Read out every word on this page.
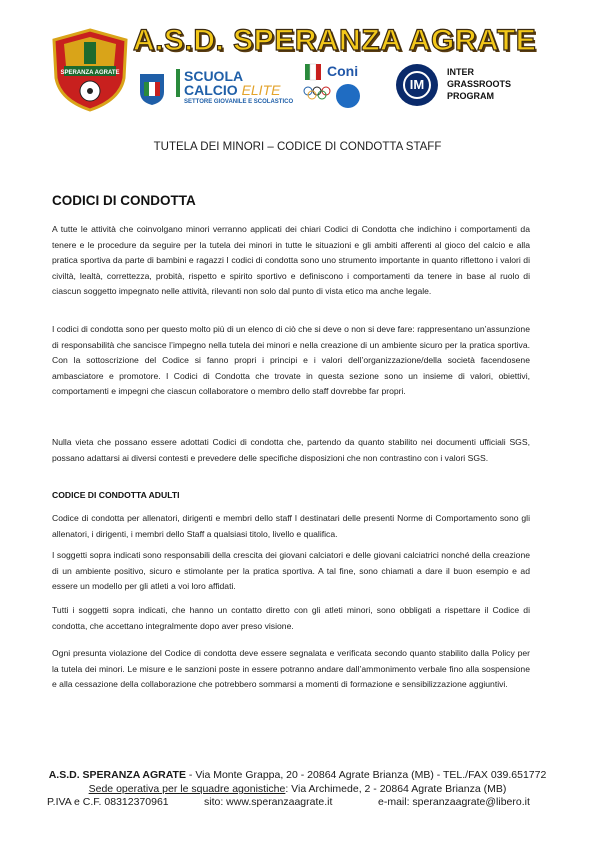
SPERANZA AGRATE
A.S.D. SPERANZA AGRATE
SCUOLA
CALCIO ELITE
SETTORE GIOVANILE E SCOLASTICO
Coni
IM
INTER
GRASSROOTS
PROGRAM
TUTELA DEI MINORI – CODICE DI CONDOTTA STAFF
CODICI DI CONDOTTA

A tutte le attività che coinvolgano minori verranno applicati dei chiari Codici di Condotta che indichino i comportamenti da tenere e le procedure da seguire per la tutela dei minori in tutte le situazioni e gli ambiti afferenti al gioco del calcio e alla pratica sportiva da parte di bambini e ragazzi I codici di condotta sono uno strumento importante in quanto riflettono i valori di civiltà, lealtà, correttezza, probità, rispetto e spirito sportivo e definiscono i comportamenti da tenere in base al ruolo di ciascun soggetto impegnato nelle attività, rilevanti non solo dal punto di vista etico ma anche legale.

I codici di condotta sono per questo molto più di un elenco di ciò che si deve o non si deve fare: rappresentano un’assunzione di responsabilità che sancisce l’impegno nella tutela dei minori e nella creazione di un ambiente sicuro per la pratica sportiva. Con la sottoscrizione del Codice si fanno propri i principi e i valori dell’organizzazione/della società facendosene ambasciatore e promotore. I Codici di Condotta che trovate in questa sezione sono un insieme di valori, obiettivi, comportamenti e impegni che ciascun collaboratore o membro dello staff dovrebbe far propri.

Nulla vieta che possano essere adottati Codici di condotta che, partendo da quanto stabilito nei documenti ufficiali SGS, possano adattarsi ai diversi contesti e prevedere delle specifiche disposizioni che non contrastino con i valori SGS.

CODICE DI CONDOTTA ADULTI

Codice di condotta per allenatori, dirigenti e membri dello staff I destinatari delle presenti Norme di Comportamento sono gli allenatori, i dirigenti, i membri dello Staff a qualsiasi titolo, livello e qualifica.

I soggetti sopra indicati sono responsabili della crescita dei giovani calciatori e delle giovani calciatrici nonché della creazione di un ambiente positivo, sicuro e stimolante per la pratica sportiva. A tal fine, sono chiamati a dare il buon esempio e ad essere un modello per gli atleti a voi loro affidati.

Tutti i soggetti sopra indicati, che hanno un contatto diretto con gli atleti minori, sono obbligati a rispettare il Codice di condotta, che accettano integralmente dopo aver preso visione.

Ogni presunta violazione del Codice di condotta deve essere segnalata e verificata secondo quanto stabilito dalla Policy per la tutela dei minori. Le misure e le sanzioni poste in essere potranno andare dall’ammonimento verbale fino alla sospensione e alla cessazione della collaborazione che potrebbero sommarsi a momenti di formazione e sensibilizzazione aggiuntivi.

A.S.D. SPERANZA AGRATE - Via Monte Grappa, 20 - 20864 Agrate Brianza (MB) - TEL./FAX 039.651772
Sede operativa per le squadre agonistiche: Via Archimede, 2 - 20864 Agrate Brianza (MB)
P.IVA e C.F. 08312370961	sito: www.speranzaagrate.it	e-mail: speranzaagrate@libero.it
